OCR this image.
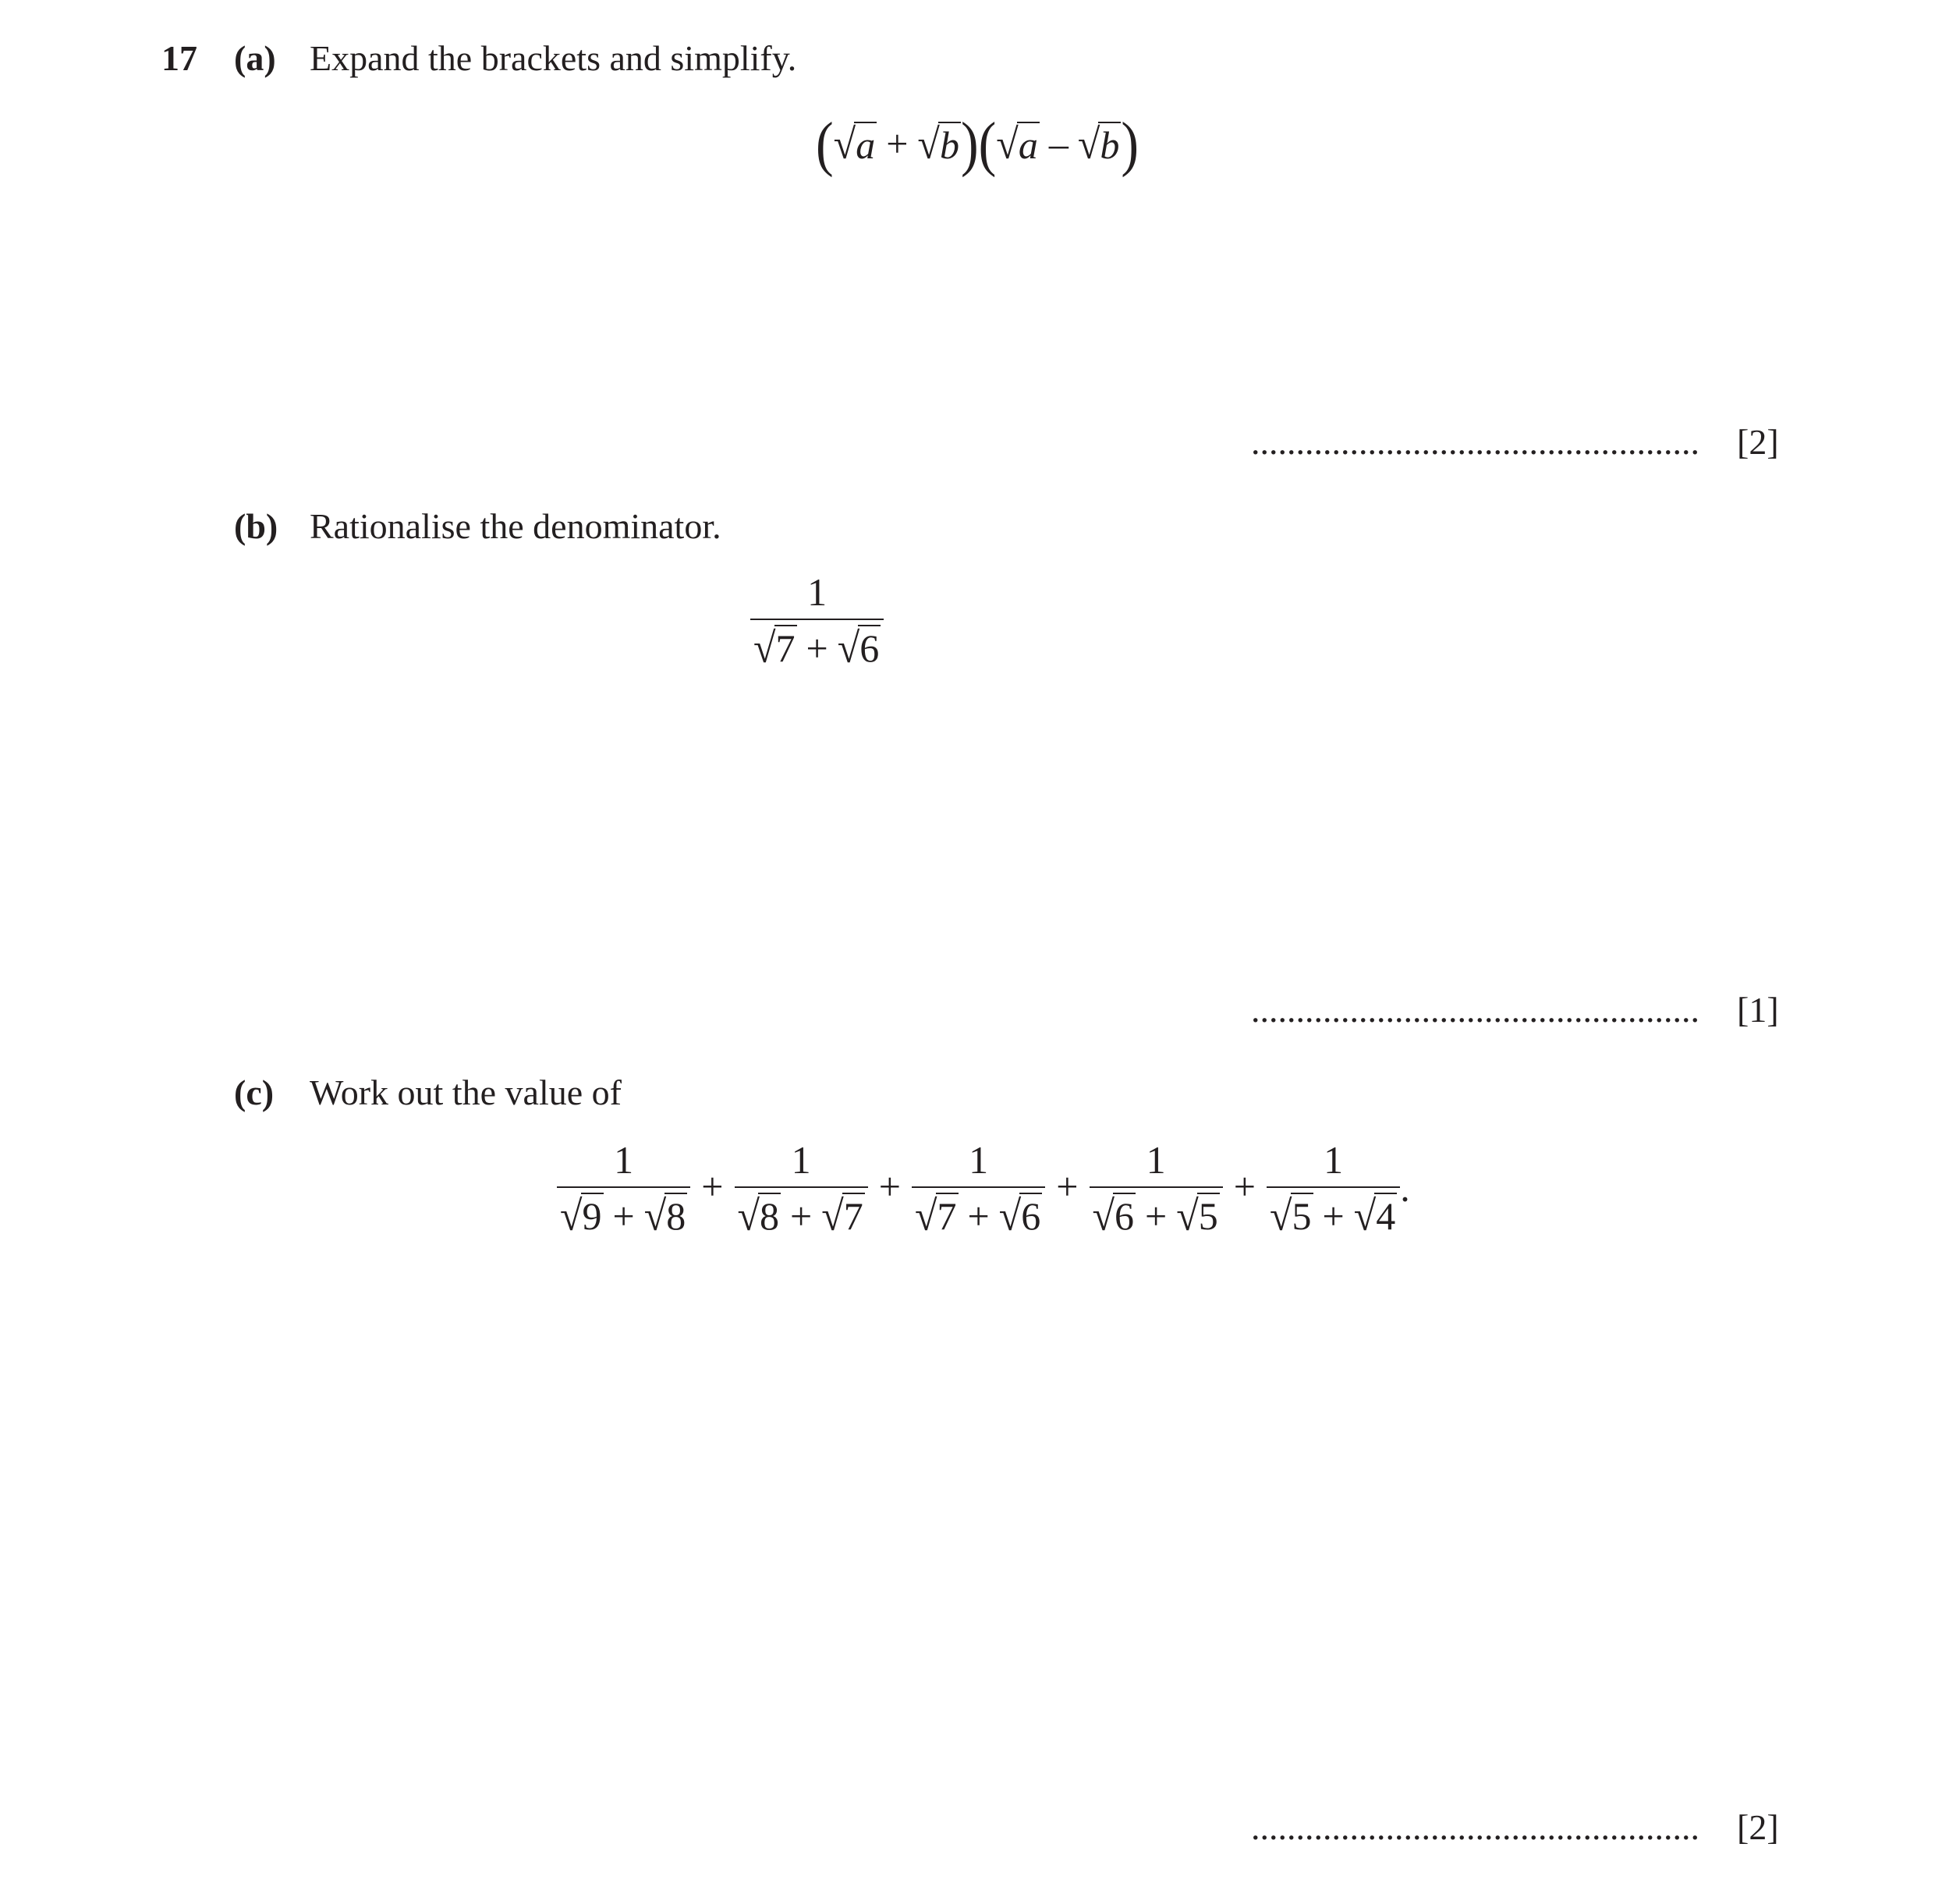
17 (a) Expand the brackets and simplify.
( √ a + √ b ) ( √ a – √ b )
.................................................. [2]
(b) Rationalise the denominator.
$\frac{1}{√ 7 + √ 6}$
.................................................. [1]
(c) Work out the value of
$\frac{1}{√ 9 + √ 8} + \frac{1}{√ 8 + √ 7} + \frac{1}{√ 7 + √ 6} + \frac{1}{√ 6 + √ 5} + \frac{1}{√ 5 + √ 4}$ .
.................................................. [2]
